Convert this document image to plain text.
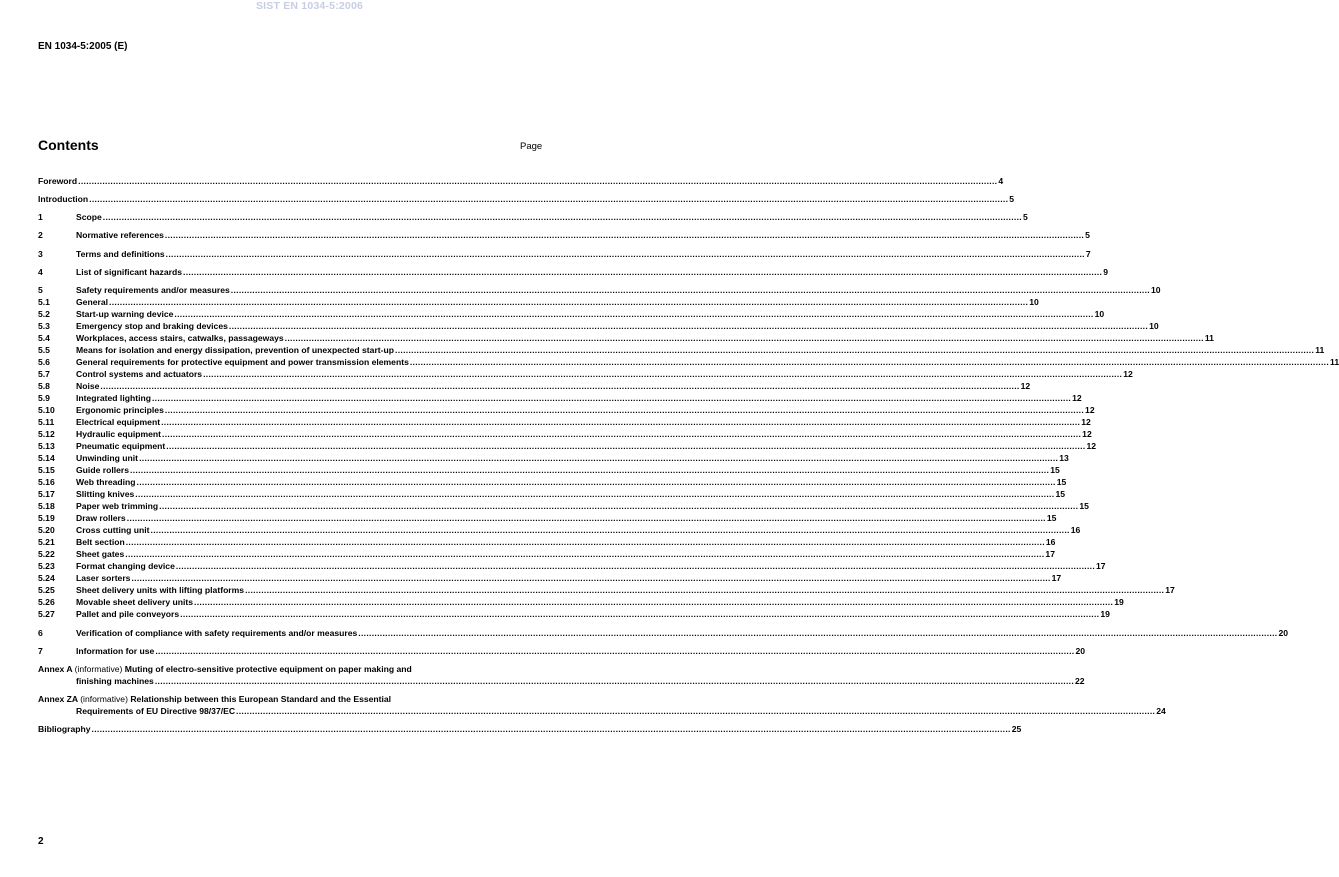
SIST EN 1034-5:2006
EN 1034-5:2005 (E)
Contents	Page
Foreword ...................................................................................................................................................................................................................................................................................................................................................... 4
Introduction ...................................................................................................................................................................................................................................................................................................................................................... 5
1	Scope ...................................................................................................................................................................................................................................................................................................................................................... 5
2	Normative references ...................................................................................................................................................................................................................................................................................................................................................... 5
3	Terms and definitions ...................................................................................................................................................................................................................................................................................................................................................... 7
4	List of significant hazards ...................................................................................................................................................................................................................................................................................................................................................... 9
5	Safety requirements and/or measures ...................................................................................................................................................................................................................................................................................................................................................... 10
5.1	General ...................................................................................................................................................................................................................................................................................................................................................... 10
5.2	Start-up warning device ...................................................................................................................................................................................................................................................................................................................................................... 10
5.3	Emergency stop and braking devices ...................................................................................................................................................................................................................................................................................................................................................... 10
5.4	Workplaces, access stairs, catwalks, passageways ...................................................................................................................................................................................................................................................................................................................................................... 11
5.5	Means for isolation and energy dissipation, prevention of unexpected start-up ...................................................................................................................................................................................................................................................................................................................................................... 11
5.6	General requirements for protective equipment and power transmission elements ...................................................................................................................................................................................................................................................................................................................................................... 11
5.7	Control systems and actuators ...................................................................................................................................................................................................................................................................................................................................................... 12
5.8	Noise ...................................................................................................................................................................................................................................................................................................................................................... 12
5.9	Integrated lighting ...................................................................................................................................................................................................................................................................................................................................................... 12
5.10	Ergonomic principles ...................................................................................................................................................................................................................................................................................................................................................... 12
5.11	Electrical equipment ...................................................................................................................................................................................................................................................................................................................................................... 12
5.12	Hydraulic equipment ...................................................................................................................................................................................................................................................................................................................................................... 12
5.13	Pneumatic equipment ...................................................................................................................................................................................................................................................................................................................................................... 12
5.14	Unwinding unit ...................................................................................................................................................................................................................................................................................................................................................... 13
5.15	Guide rollers ...................................................................................................................................................................................................................................................................................................................................................... 15
5.16	Web threading ...................................................................................................................................................................................................................................................................................................................................................... 15
5.17	Slitting knives ...................................................................................................................................................................................................................................................................................................................................................... 15
5.18	Paper web trimming ...................................................................................................................................................................................................................................................................................................................................................... 15
5.19	Draw rollers ...................................................................................................................................................................................................................................................................................................................................................... 15
5.20	Cross cutting unit ...................................................................................................................................................................................................................................................................................................................................................... 16
5.21	Belt section ...................................................................................................................................................................................................................................................................................................................................................... 16
5.22	Sheet gates ...................................................................................................................................................................................................................................................................................................................................................... 17
5.23	Format changing device ...................................................................................................................................................................................................................................................................................................................................................... 17
5.24	Laser sorters ...................................................................................................................................................................................................................................................................................................................................................... 17
5.25	Sheet delivery units with lifting platforms ...................................................................................................................................................................................................................................................................................................................................................... 17
5.26	Movable sheet delivery units ...................................................................................................................................................................................................................................................................................................................................................... 19
5.27	Pallet and pile conveyors ...................................................................................................................................................................................................................................................................................................................................................... 19
6	Verification of compliance with safety requirements and/or measures ...................................................................................................................................................................................................................................................................................................................................................... 20
7	Information for use ...................................................................................................................................................................................................................................................................................................................................................... 20
Annex A (informative) Muting of electro-sensitive protective equipment on paper making and
finishing machines ...................................................................................................................................................................................................................................................................................................................................................... 22
Annex ZA (informative) Relationship between this European Standard and the Essential
Requirements of EU Directive 98/37/EC ...................................................................................................................................................................................................................................................................................................................................................... 24
Bibliography ...................................................................................................................................................................................................................................................................................................................................................... 25
2
